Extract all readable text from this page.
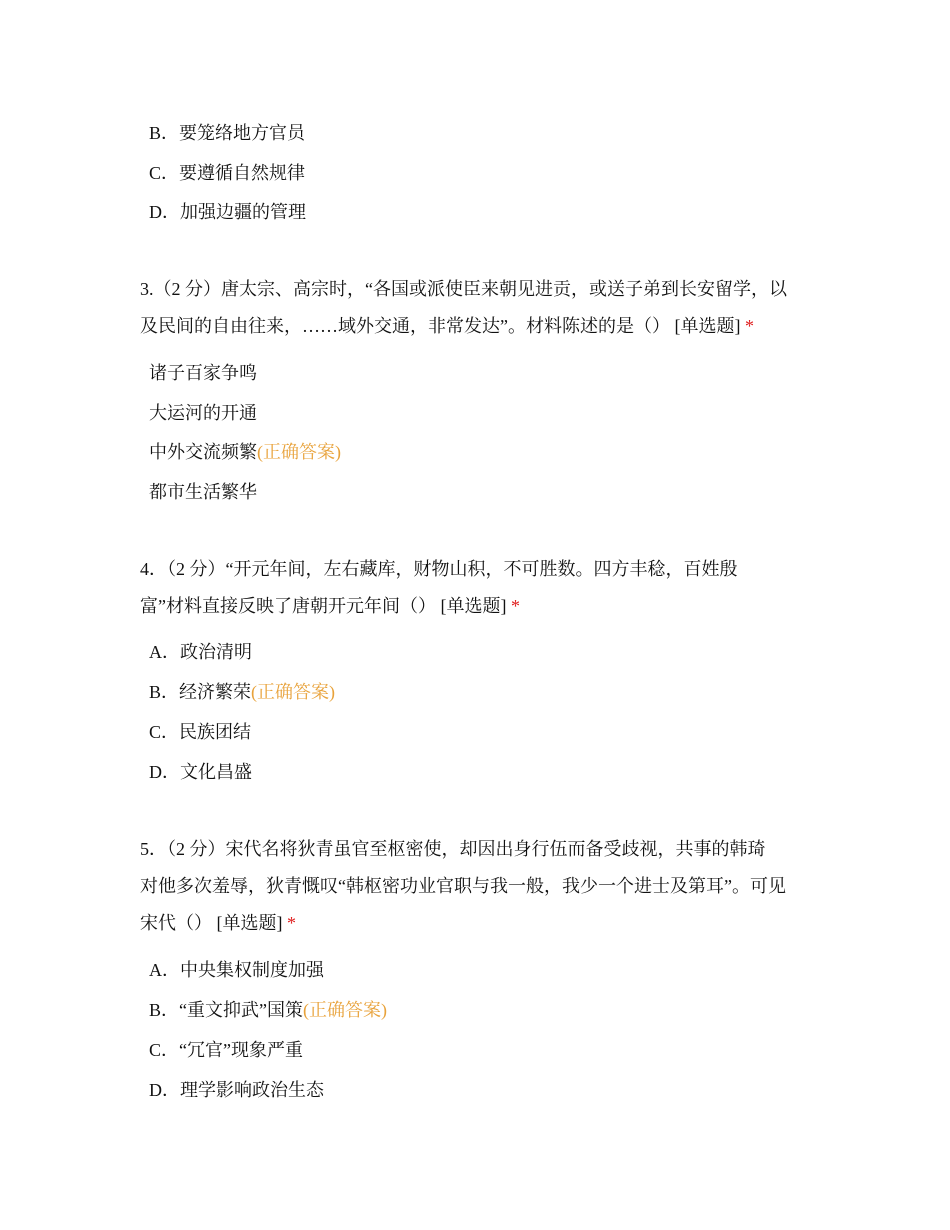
B．要笼络地方官员
C．要遵循自然规律
D．加强边疆的管理

3.（2 分）唐太宗、高宗时，“各国或派使臣来朝见进贡，或送子弟到长安留学，以

及民间的自由往来，……域外交通，非常发达”。材料陈述的是（） [单选题] *

诸子百家争鸣
大运河的开通
中外交流频繁(正确答案)
都市生活繁华

4．（2 分）“开元年间，左右藏库，财物山积，不可胜数。四方丰稔，百姓殷

富”材料直接反映了唐朝开元年间（） [单选题] *

A．政治清明
B．经济繁荣(正确答案)
C．民族团结
D．文化昌盛

5．（2 分）宋代名将狄青虽官至枢密使，却因出身行伍而备受歧视，共事的韩琦

对他多次羞辱，狄青慨叹“韩枢密功业官职与我一般，我少一个进士及第耳”。可见

宋代（） [单选题] *

A．中央集权制度加强
B．“重文抑武”国策(正确答案)
C．“冗官”现象严重
D．理学影响政治生态
